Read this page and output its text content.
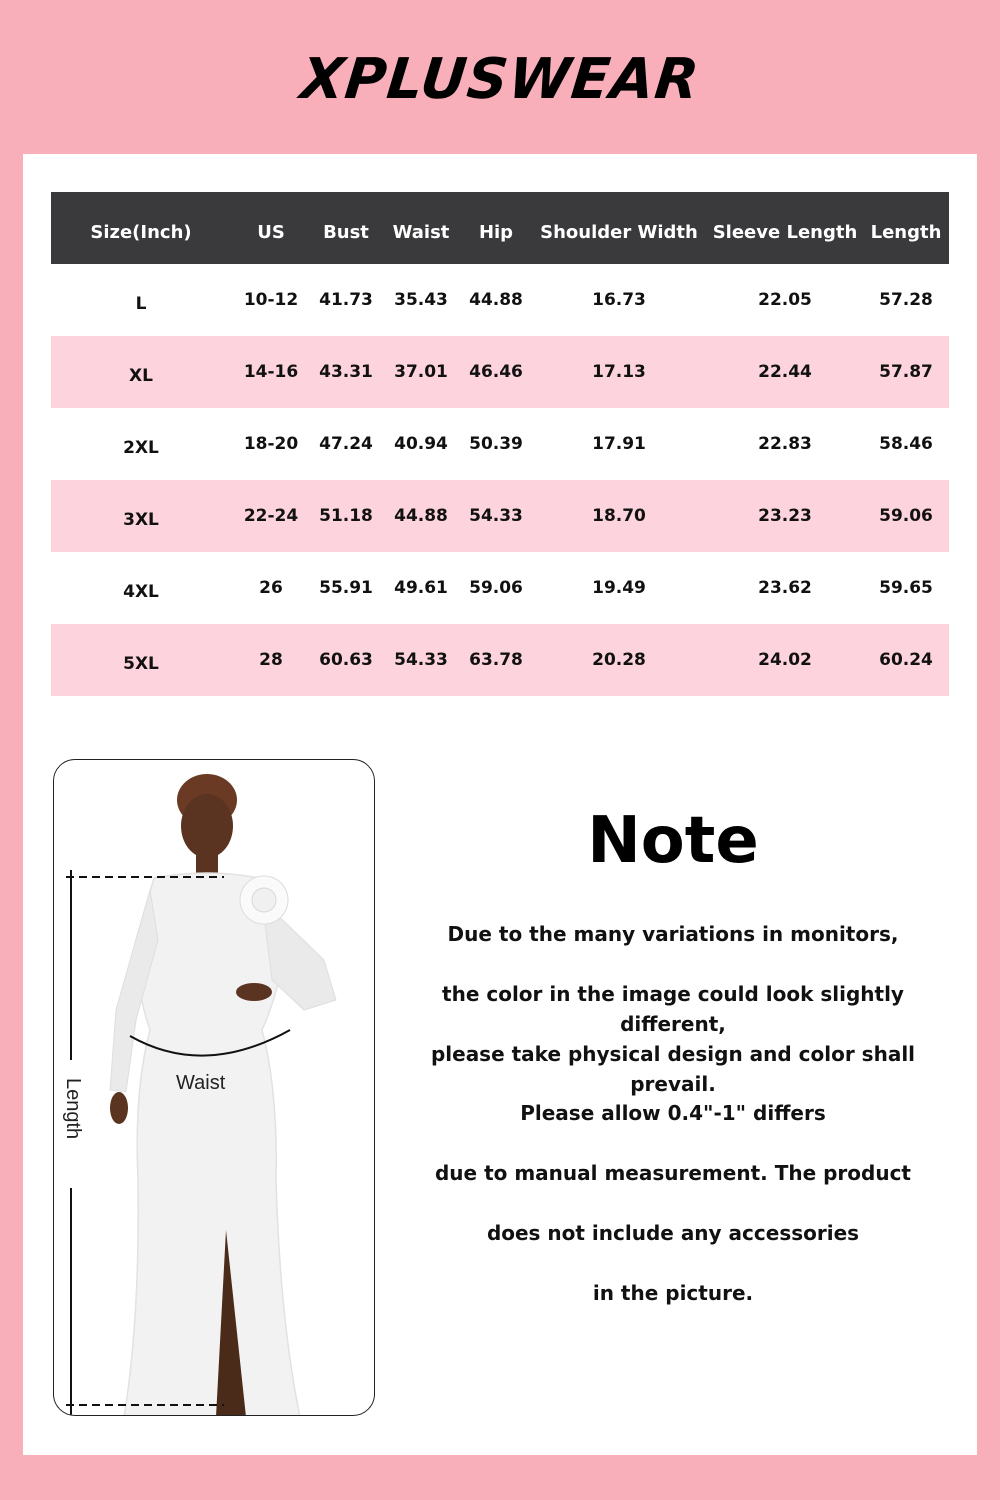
XPLUSWEAR
Size(Inch)	US	Bust	Waist	Hip	Shoulder Width	Sleeve Length	Length
L	10-12	41.73	35.43	44.88	16.73	22.05	57.28
XL	14-16	43.31	37.01	46.46	17.13	22.44	57.87
2XL	18-20	47.24	40.94	50.39	17.91	22.83	58.46
3XL	22-24	51.18	44.88	54.33	18.70	23.23	59.06
4XL	26	55.91	49.61	59.06	19.49	23.62	59.65
5XL	28	60.63	54.33	63.78	20.28	24.02	60.24
Waist
Length
Note
Due to the many variations in monitors,
the color in the image could look slightly different,
please take physical design and color shall prevail.
Please allow 0.4"-1" differs
due to manual measurement. The product
does not include any accessories
in the picture.
